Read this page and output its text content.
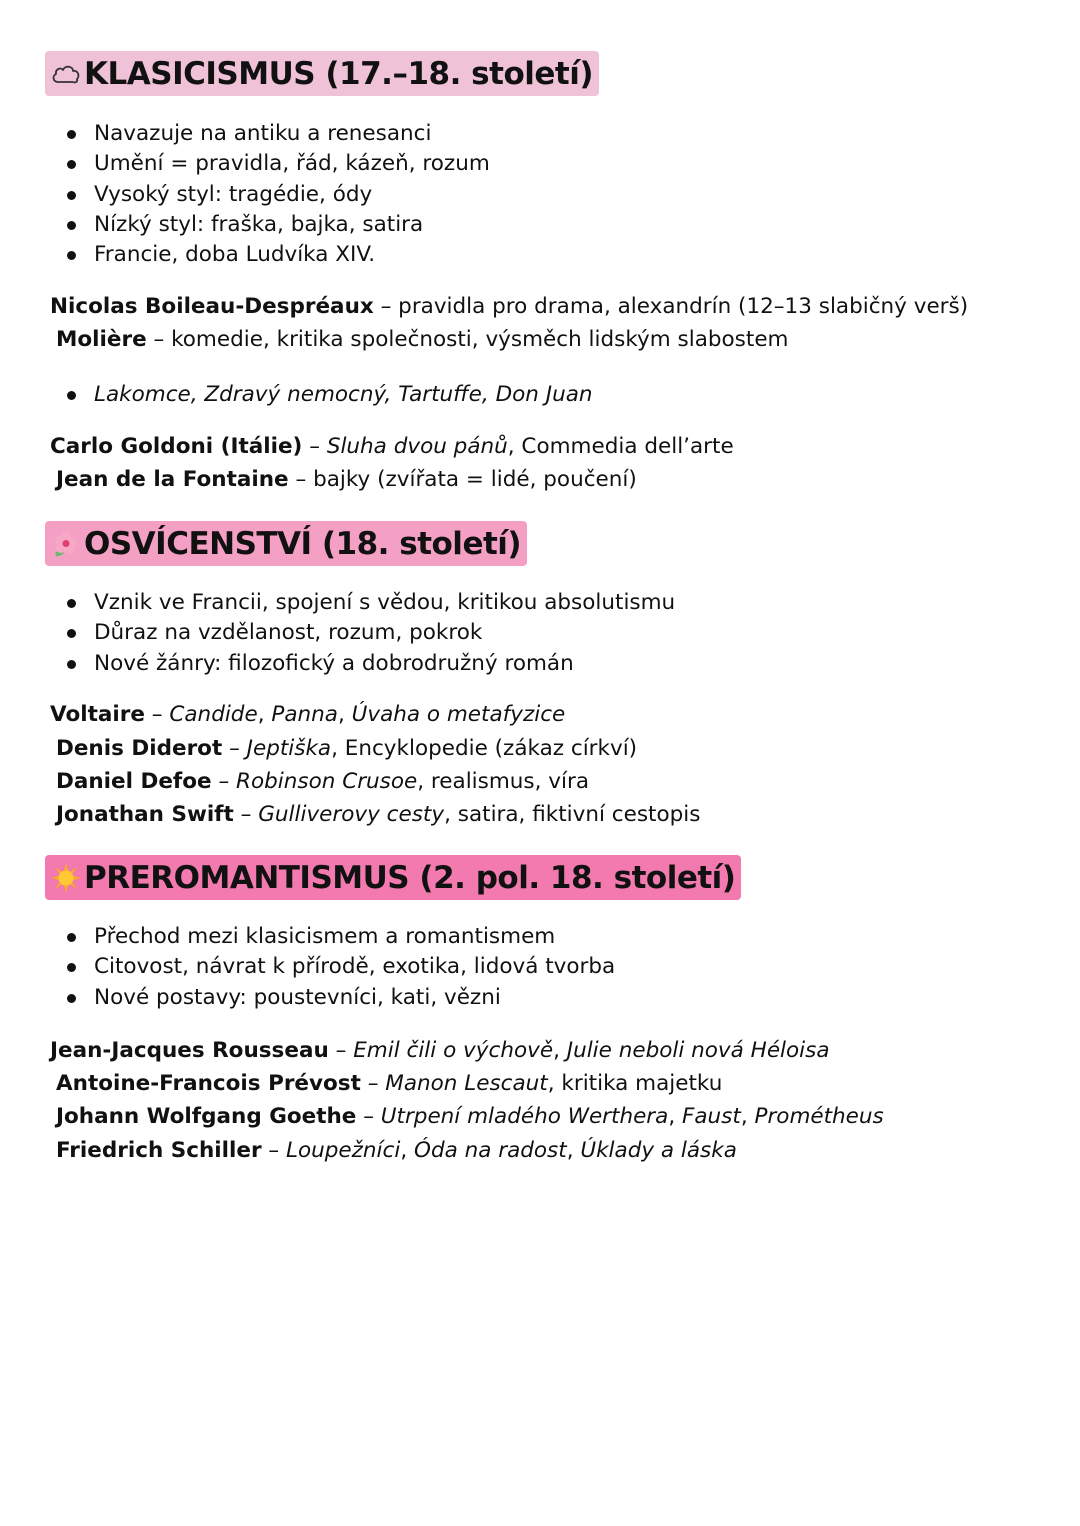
KLASICISMUS (17.–18. století)
Navazuje na antiku a renesanci
Umění = pravidla, řád, kázeň, rozum
Vysoký styl: tragédie, ódy
Nízký styl: fraška, bajka, satira
Francie, doba Ludvíka XIV.
Nicolas Boileau-Despréaux – pravidla pro drama, alexandrín (12–13 slabičný verš)
Molière – komedie, kritika společnosti, výsměch lidským slabostem
Lakomce, Zdravý nemocný, Tartuffe, Don Juan
Carlo Goldoni (Itálie) – Sluha dvou pánů, Commedia dell’arte
Jean de la Fontaine – bajky (zvířata = lidé, poučení)
OSVÍCENSTVÍ (18. století)
Vznik ve Francii, spojení s vědou, kritikou absolutismu
Důraz na vzdělanost, rozum, pokrok
Nové žánry: filozofický a dobrodružný román
Voltaire – Candide, Panna, Úvaha o metafyzice
Denis Diderot – Jeptiška, Encyklopedie (zákaz církví)
Daniel Defoe – Robinson Crusoe, realismus, víra
Jonathan Swift – Gulliverovy cesty, satira, fiktivní cestopis
PREROMANTISMUS (2. pol. 18. století)
Přechod mezi klasicismem a romantismem
Citovost, návrat k přírodě, exotika, lidová tvorba
Nové postavy: poustevníci, kati, vězni
Jean-Jacques Rousseau – Emil čili o výchově, Julie neboli nová Héloisa
Antoine-Francois Prévost – Manon Lescaut, kritika majetku
Johann Wolfgang Goethe – Utrpení mladého Werthera, Faust, Prométheus
Friedrich Schiller – Loupežníci, Óda na radost, Úklady a láska
